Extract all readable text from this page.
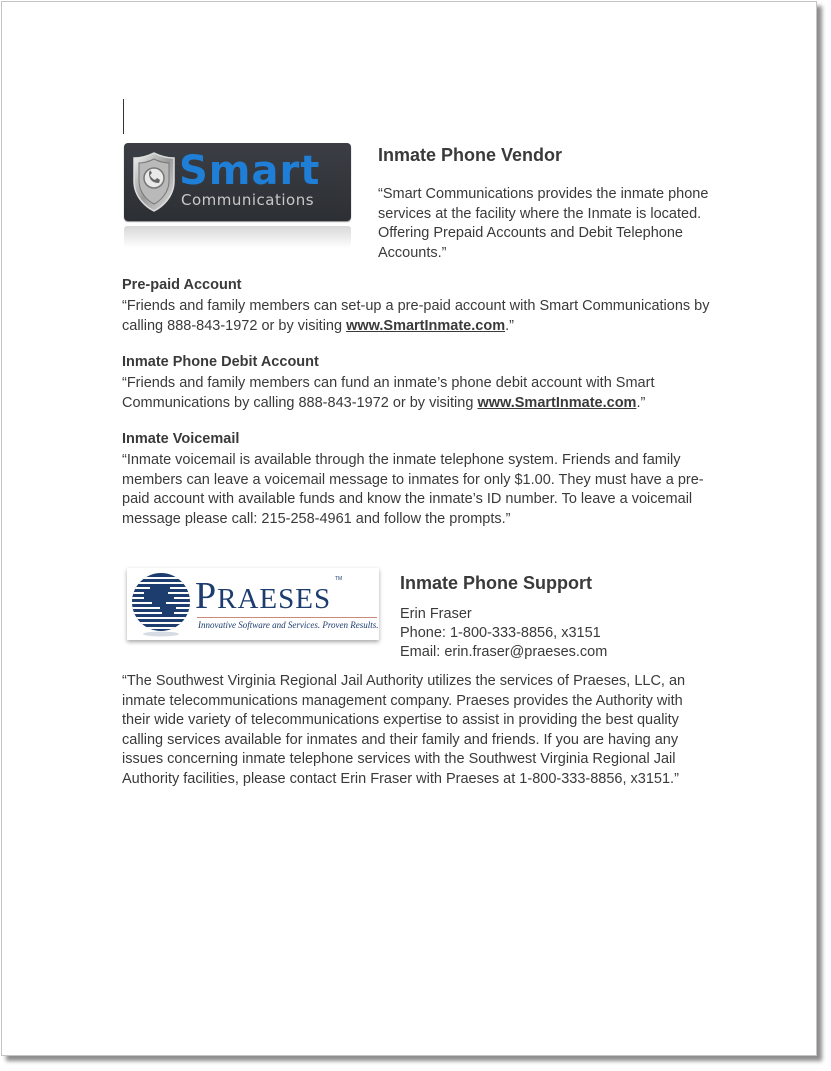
Smart
Communications
Inmate Phone Vendor

“Smart Communications provides the inmate phone services at the facility where the Inmate is located. Offering Prepaid Accounts and Debit Telephone Accounts.”

Pre-paid Account

“Friends and family members can set-up a pre-paid account with Smart Communications by calling 888-843-1972 or by visiting www.SmartInmate.com.”

Inmate Phone Debit Account

“Friends and family members can fund an inmate’s phone debit account with Smart Communications by calling 888-843-1972 or by visiting www.SmartInmate.com.”

Inmate Voicemail

“Inmate voicemail is available through the inmate telephone system. Friends and family members can leave a voicemail message to inmates for only $1.00. They must have a pre-paid account with available funds and know the inmate’s ID number. To leave a voicemail message please call: 215-258-4961 and follow the prompts.”

PRAESES
TM
Innovative Software and Services. Proven Results.
Inmate Phone Support

Erin Fraser

Phone: 1-800-333-8856, x3151

Email: erin.fraser@praeses.com

“The Southwest Virginia Regional Jail Authority utilizes the services of Praeses, LLC, an inmate telecommunications management company. Praeses provides the Authority with their wide variety of telecommunications expertise to assist in providing the best quality calling services available for inmates and their family and friends. If you are having any issues concerning inmate telephone services with the Southwest Virginia Regional Jail Authority facilities, please contact Erin Fraser with Praeses at 1-800-333-8856, x3151.”
